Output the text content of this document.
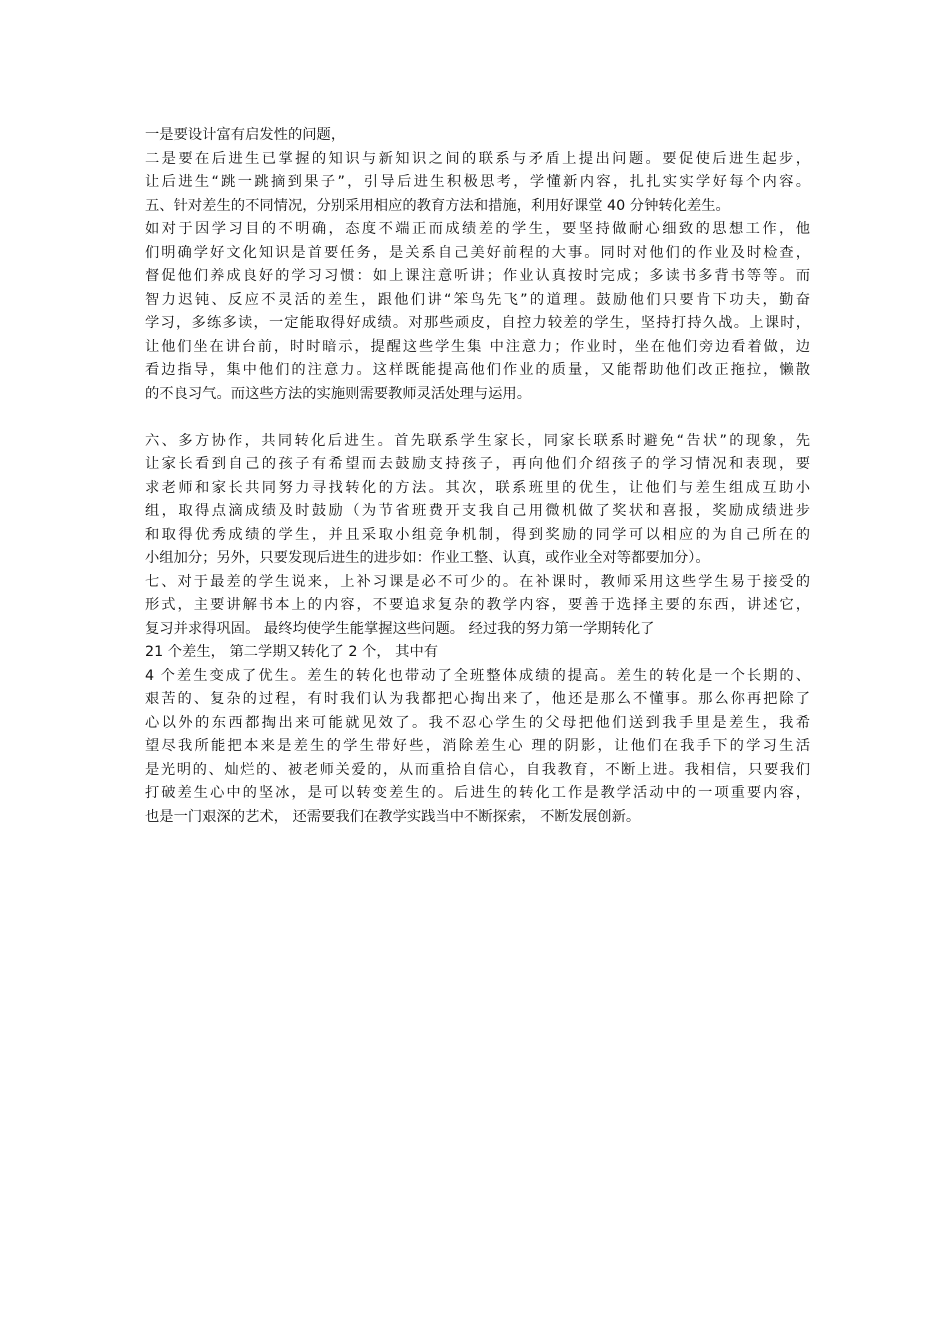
一是要设计富有启发性的问题，
二是要在后进生已掌握的知识与新知识之间的联系与矛盾上提出问题。要促使后进生起步，
让后进生“跳一跳摘到果子”，引导后进生积极思考，学懂新内容，扎扎实实学好每个内容。
五、针对差生的不同情况，分别采用相应的教育方法和措施，利用好课堂 40 分钟转化差生。
如对于因学习目的不明确，态度不端正而成绩差的学生，要坚持做耐心细致的思想工作，他
们明确学好文化知识是首要任务，是关系自己美好前程的大事。同时对他们的作业及时检查，
督促他们养成良好的学习习惯：如上课注意听讲；作业认真按时完成；多读书多背书等等。而
智力迟钝、反应不灵活的差生，跟他们讲“笨鸟先飞”的道理。鼓励他们只要肯下功夫，勤奋
学习，多练多读，一定能取得好成绩。对那些顽皮，自控力较差的学生，坚持打持久战。上课时，
让他们坐在讲台前，时时暗示，提醒这些学生集 中注意力；作业时，坐在他们旁边看着做，边
看边指导，集中他们的注意力。这样既能提高他们作业的质量，又能帮助他们改正拖拉，懒散
的不良习气。而这些方法的实施则需要教师灵活处理与运用。
六、多方协作，共同转化后进生。首先联系学生家长，同家长联系时避免“告状”的现象，先
让家长看到自己的孩子有希望而去鼓励支持孩子，再向他们介绍孩子的学习情况和表现，要
求老师和家长共同努力寻找转化的方法。其次，联系班里的优生，让他们与差生组成互助小
组，取得点滴成绩及时鼓励（为节省班费开支我自己用微机做了奖状和喜报，奖励成绩进步
和取得优秀成绩的学生，并且采取小组竞争机制，得到奖励的同学可以相应的为自己所在的
小组加分；另外，只要发现后进生的进步如：作业工整、认真，或作业全对等都要加分）。
七、对于最差的学生说来，上补习课是必不可少的。在补课时，教师采用这些学生易于接受的
形式，主要讲解书本上的内容，不要追求复杂的教学内容，要善于选择主要的东西，讲述它，
复习并求得巩固。 最终均使学生能掌握这些问题。 经过我的努力第一学期转化了
21 个差生， 第二学期又转化了 2 个， 其中有
4 个差生变成了优生。差生的转化也带动了全班整体成绩的提高。差生的转化是一个长期的、
艰苦的、复杂的过程，有时我们认为我都把心掏出来了，他还是那么不懂事。那么你再把除了
心以外的东西都掏出来可能就见效了。我不忍心学生的父母把他们送到我手里是差生，我希
望尽我所能把本来是差生的学生带好些，消除差生心 理的阴影，让他们在我手下的学习生活
是光明的、灿烂的、被老师关爱的，从而重拾自信心，自我教育，不断上进。我相信，只要我们
打破差生心中的坚冰，是可以转变差生的。后进生的转化工作是教学活动中的一项重要内容，
也是一门艰深的艺术， 还需要我们在教学实践当中不断探索， 不断发展创新。
